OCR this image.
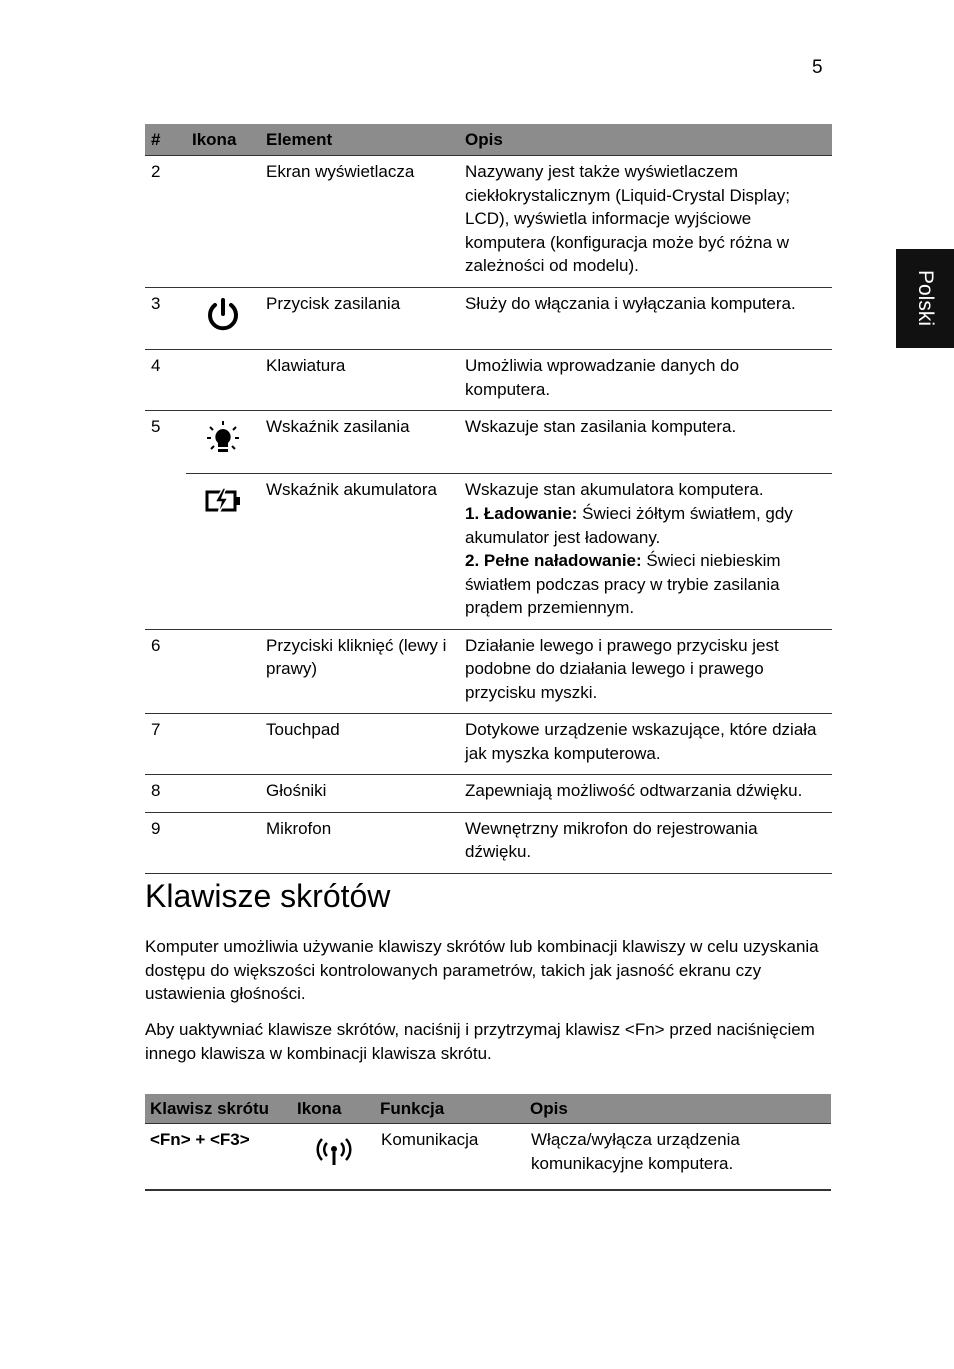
5
Polski
#	Ikona	Element	Opis
2		Ekran wyświetlacza	Nazywany jest także wyświetlaczem ciekłokrystalicznym (Liquid-Crystal Display; LCD), wyświetla informacje wyjściowe komputera (konfiguracja może być różna w zależności od modelu).
3		Przycisk zasilania	Służy do włączania i wyłączania komputera.
4		Klawiatura	Umożliwia wprowadzanie danych do komputera.
5		Wskaźnik zasilania	Wskazuje stan zasilania komputera.
		Wskaźnik akumulatora	Wskazuje stan akumulatora komputera.
1. Ładowanie: Świeci żółtym światłem, gdy akumulator jest ładowany.
2. Pełne naładowanie: Świeci niebieskim światłem podczas pracy w trybie zasilania prądem przemiennym.

6		Przyciski kliknięć (lewy i prawy)	Działanie lewego i prawego przycisku jest podobne do działania lewego i prawego przycisku myszki.
7		Touchpad	Dotykowe urządzenie wskazujące, które działa jak myszka komputerowa.
8		Głośniki	Zapewniają możliwość odtwarzania dźwięku.
9		Mikrofon	Wewnętrzny mikrofon do rejestrowania dźwięku.
Klawisze skrótów

Komputer umożliwia używanie klawiszy skrótów lub kombinacji klawiszy w celu uzyskania dostępu do większości kontrolowanych parametrów, takich jak jasność ekranu czy ustawienia głośności.

Aby uaktywniać klawisze skrótów, naciśnij i przytrzymaj klawisz <Fn> przed naciśnięciem innego klawisza w kombinacji klawisza skrótu.

Klawisz skrótu	Ikona	Funkcja	Opis
<Fn> + <F3>		Komunikacja	Włącza/wyłącza urządzenia komunikacyjne komputera.
